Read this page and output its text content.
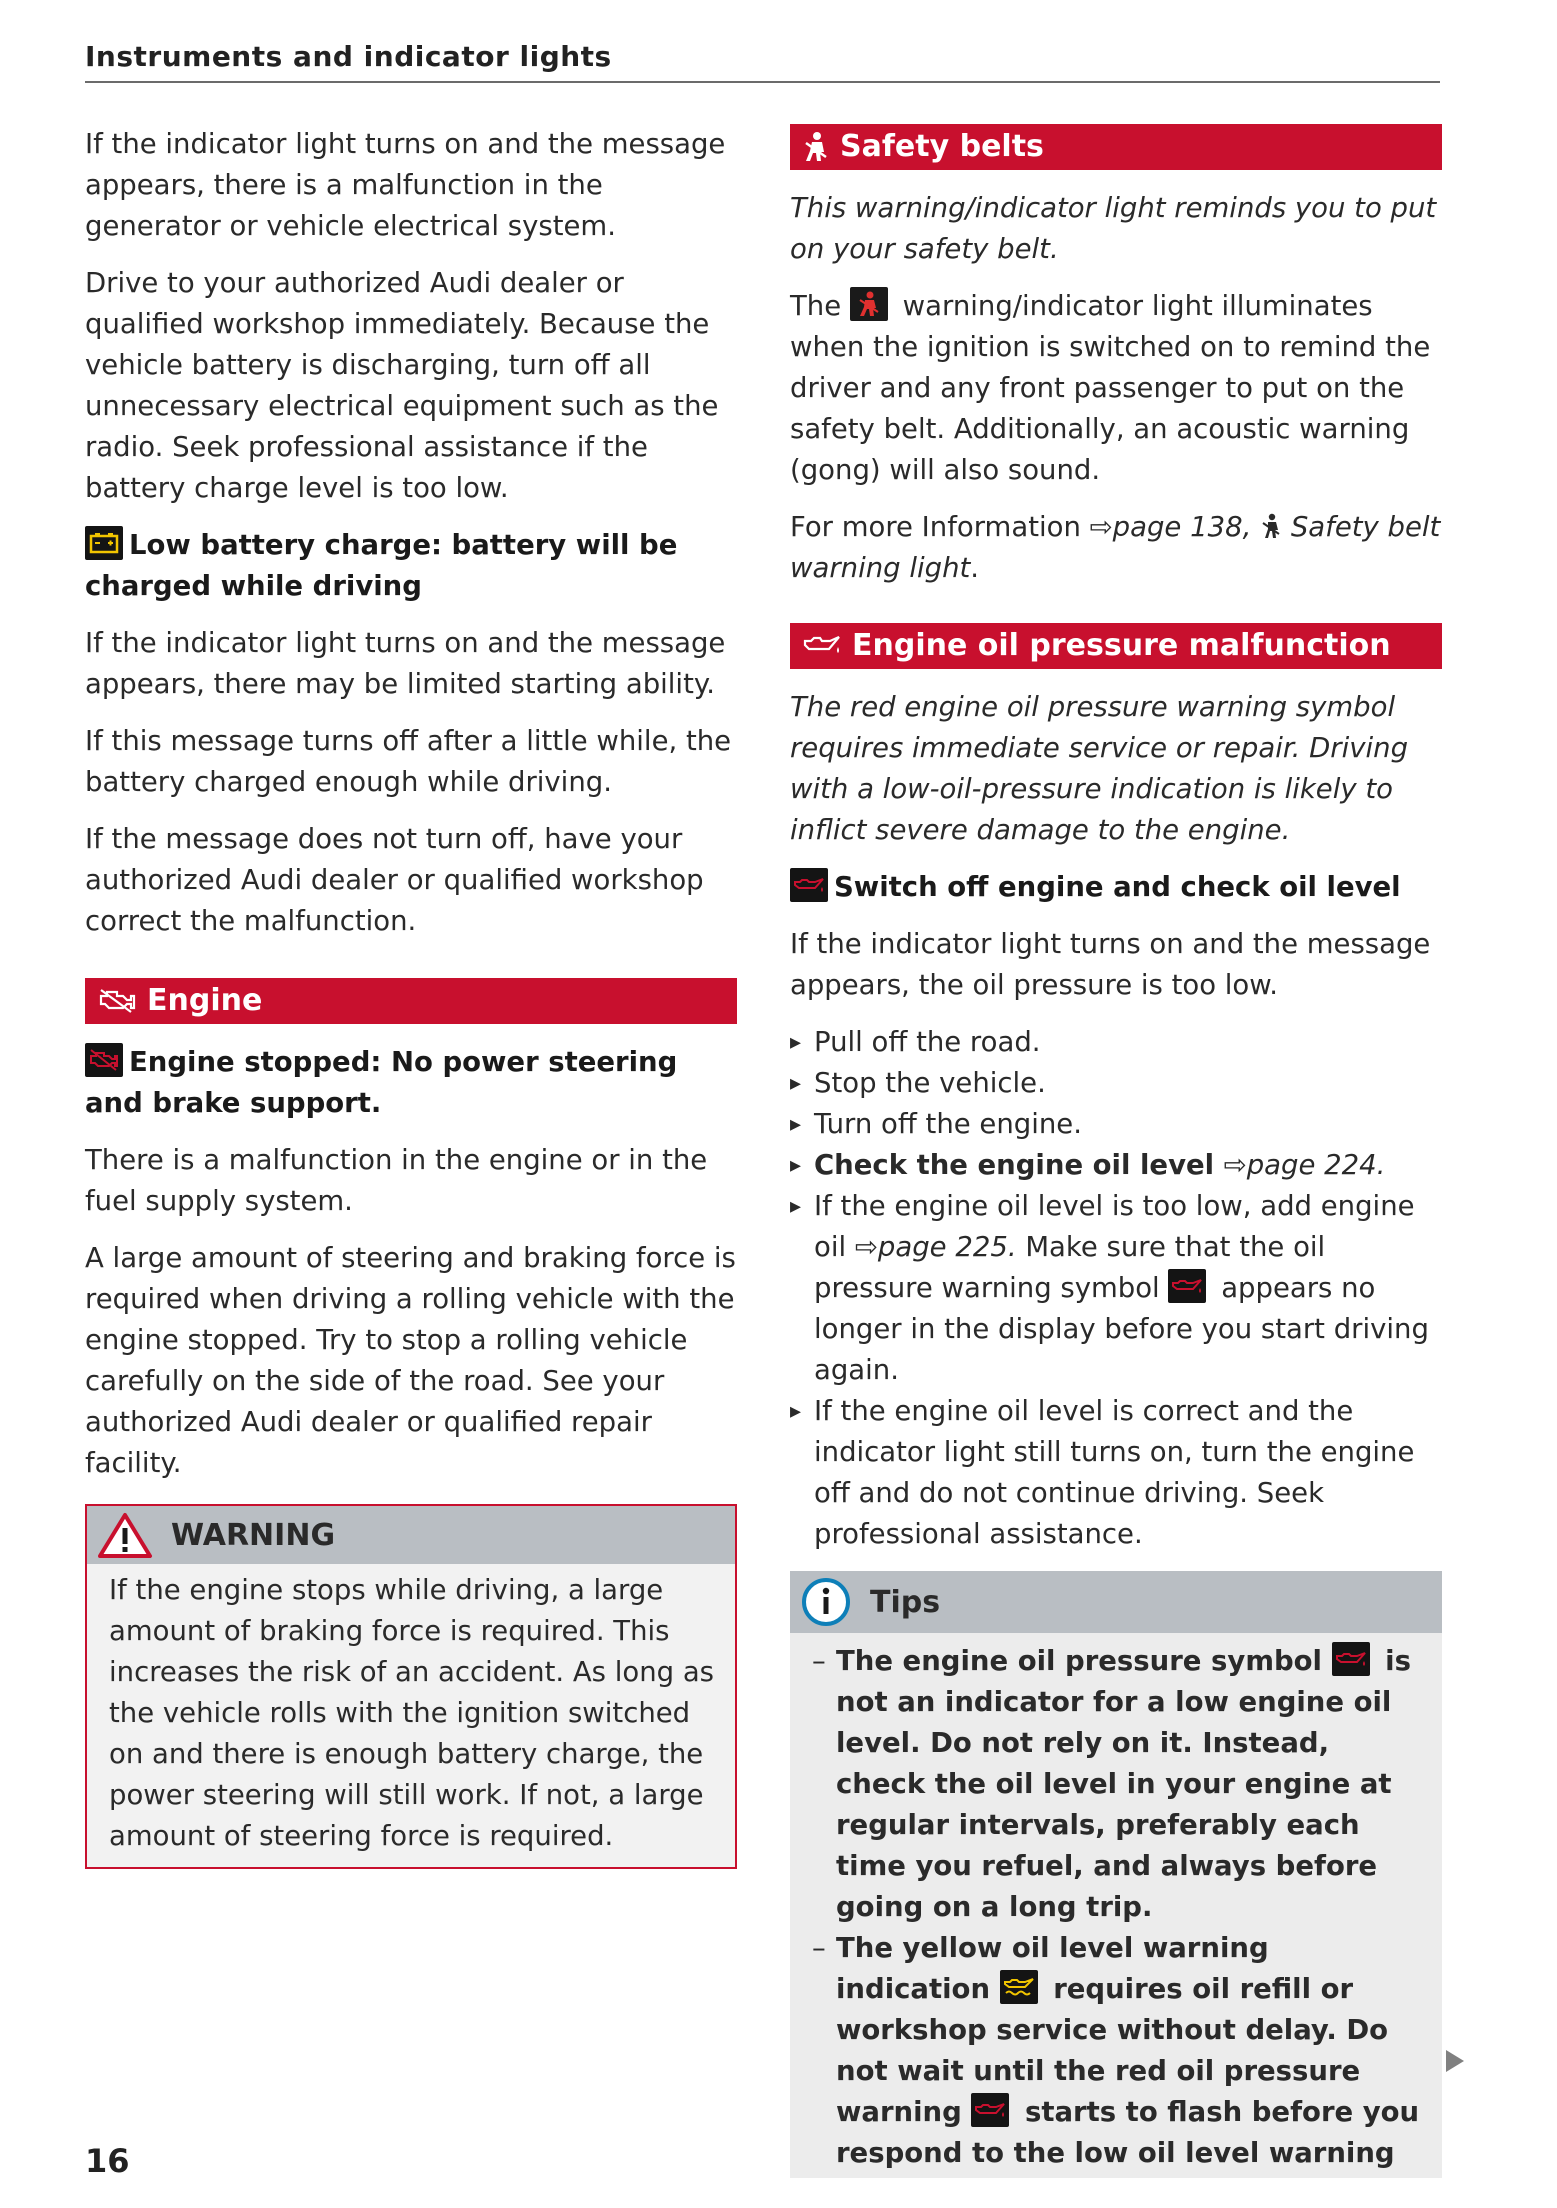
Instruments and indicator lights

If the indicator light turns on and the message appears, there is a malfunction in the generator or vehicle electrical system.

Drive to your authorized Audi dealer or qualified workshop immediately. Because the vehicle battery is discharging, turn off all unnecessary electrical equipment such as the radio. Seek professional assistance if the battery charge level is too low.

Low battery charge: battery will be charged while driving

If the indicator light turns on and the message appears, there may be limited starting ability.

If this message turns off after a little while, the battery charged enough while driving.

If the message does not turn off, have your authorized Audi dealer or qualified workshop correct the malfunction.

Engine
Engine stopped: No power steering and brake support.

There is a malfunction in the engine or in the fuel supply system.

A large amount of steering and braking force is required when driving a rolling vehicle with the engine stopped. Try to stop a rolling vehicle carefully on the side of the road. See your authorized Audi dealer or qualified repair facility.

WARNING
If the engine stops while driving, a large amount of braking force is required. This increases the risk of an accident. As long as the vehicle rolls with the ignition switched on and there is enough battery charge, the power steering will still work. If not, a large amount of steering force is required.
Safety belts

This warning/indicator light reminds you to put on your safety belt.

The warning/indicator light illuminates when the ignition is switched on to remind the driver and any front passenger to put on the safety belt. Additionally, an acoustic warning (gong) will also sound.

For more Information ⇨page 138, Safety belt warning light.

Engine oil pressure malfunction

The red engine oil pressure warning symbol requires immediate service or repair. Driving with a low-oil-pressure indication is likely to inflict severe damage to the engine.

Switch off engine and check oil level

If the indicator light turns on and the message appears, the oil pressure is too low.

▸ Pull off the road.
▸ Stop the vehicle.
▸ Turn off the engine.
▸ Check the engine oil level ⇨page 224.
▸ If the engine oil level is too low, add engine oil ⇨page 225. Make sure that the oil pressure warning symbol appears no longer in the display before you start driving again.
▸ If the engine oil level is correct and the indicator light still turns on, turn the engine off and do not continue driving. Seek professional assistance.
Tips
– The engine oil pressure symbol is not an indicator for a low engine oil level. Do not rely on it. Instead, check the oil level in your engine at regular intervals, preferably each time you refuel, and always before going on a long trip.
– The yellow oil level warning indication requires oil refill or workshop service without delay. Do not wait until the red oil pressure warning starts to flash before you respond to the low oil level warning
16
